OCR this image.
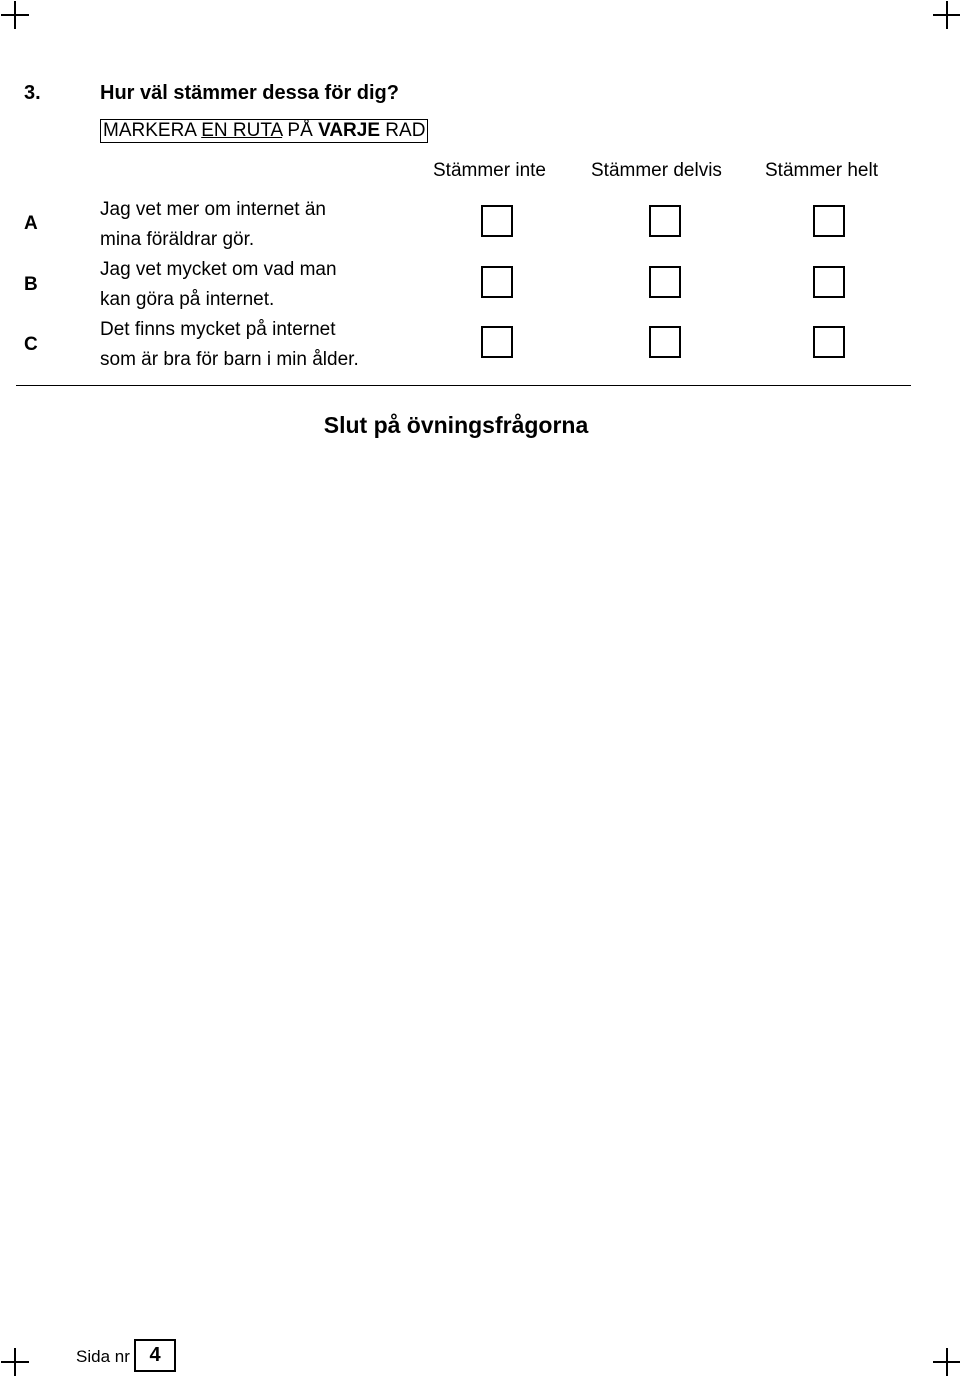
3.	Hur väl stämmer dessa för dig?
MARKERA EN RUTA PÅ VARJE RAD
Stämmer inte Stämmer delvis Stämmer helt
A
Jag vet mer om internet än
mina föräldrar gör.
B
Jag vet mycket om vad man
kan göra på internet.
C
Det finns mycket på internet
som är bra för barn i min ålder.
Slut på övningsfrågorna
Sida nr 4
